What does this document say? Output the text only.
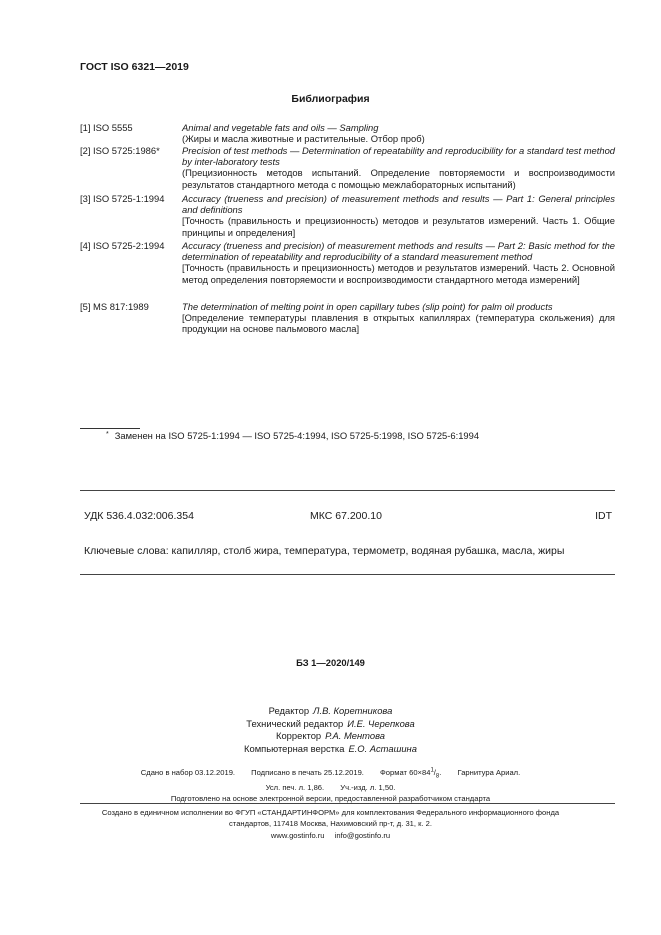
ГОСТ ISO 6321—2019
Библиография
[1] ISO 5555	Animal and vegetable fats and oils — Sampling
(Жиры и масла животные и растительные. Отбор проб)
[2] ISO 5725:1986*	Precision of test methods — Determination of repeatability and reproducibility for a standard test method by inter-laboratory tests
(Прецизионность методов испытаний. Определение повторяемости и воспроизводимости результатов стандартного метода с помощью межлабораторных испытаний)
[3] ISO 5725-1:1994	Accuracy (trueness and precision) of measurement methods and results — Part 1: General principles and definitions
[Точность (правильность и прецизионность) методов и результатов измерений. Часть 1. Общие принципы и определения]
[4] ISO 5725-2:1994	Accuracy (trueness and precision) of measurement methods and results — Part 2: Basic method for the determination of repeatability and reproducibility of a standard measurement method
[Точность (правильность и прецизионность) методов и результатов измерений. Часть 2. Основной метод определения повторяемости и воспроизводимости стандартного метода измерений]
[5] MS 817:1989	The determination of melting point in open capillary tubes (slip point) for palm oil products
[Определение температуры плавления в открытых капиллярах (температура скольжения) для продукции на основе пальмового масла]
* Заменен на ISO 5725-1:1994 — ISO 5725-4:1994, ISO 5725-5:1998, ISO 5725-6:1994
УДК 536.4.032:006.354	МКС 67.200.10	IDT
Ключевые слова: капилляр, столб жира, температура, термометр, водяная рубашка, масла, жиры
БЗ 1—2020/149
Редактор Л.В. Коретникова
Технический редактор И.Е. Черепкова
Корректор Р.А. Ментова
Компьютерная верстка Е.О. Асташина
Сдано в набор 03.12.2019. Подписано в печать 25.12.2019. Формат $60\times 84^1/_8$. Гарнитура Ариал.
Усл. печ. л. 1,86. Уч.-изд. л. 1,50.
Подготовлено на основе электронной версии, предоставленной разработчиком стандарта
Создано в единичном исполнении во ФГУП «СТАНДАРТИНФОРМ» для комплектования Федерального информационного фонда
стандартов, 117418 Москва, Нахимовский пр-т, д. 31, к. 2.
www.gostinfo.ru info@gostinfo.ru
